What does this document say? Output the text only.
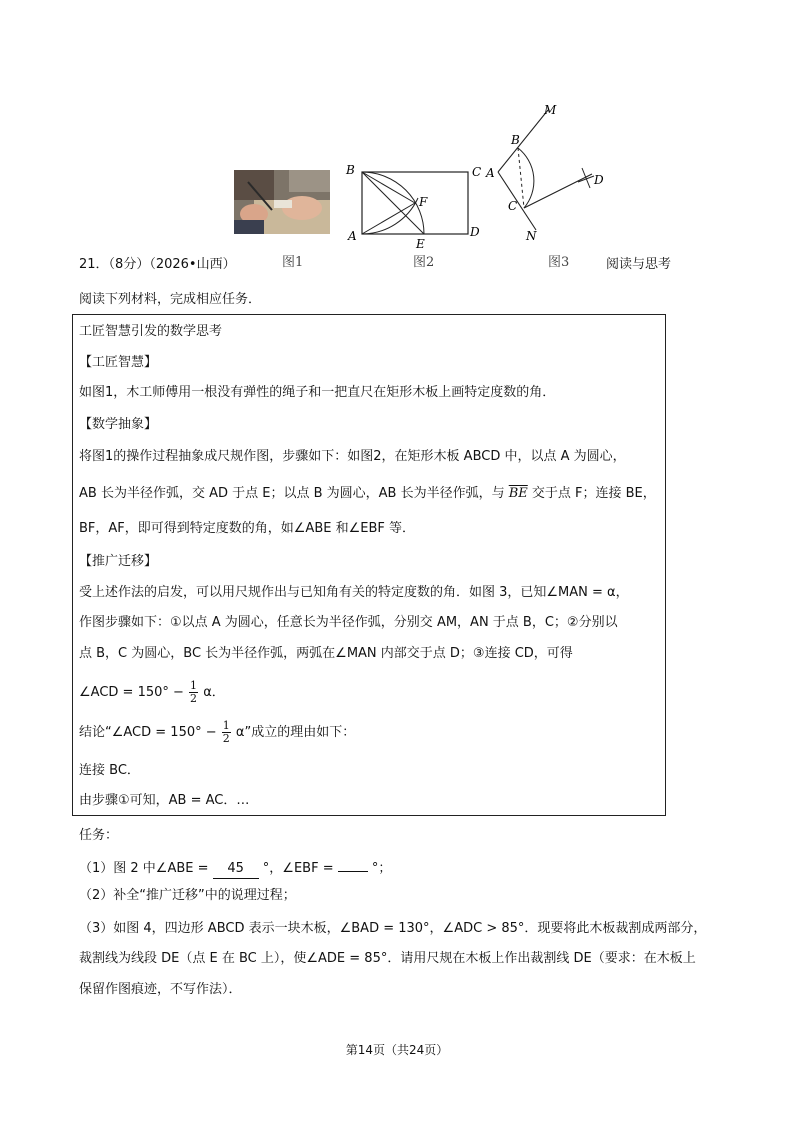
图1
B	C
A	D
E
F
图2
M
B
A
C
N
D
图3
21．（8分）（2026•山西）	阅读与思考
阅读下列材料，完成相应任务．
工匠智慧引发的数学思考
【工匠智慧】
如图1，木工师傅用一根没有弹性的绳子和一把直尺在矩形木板上画特定度数的角．
【数学抽象】
将图1的操作过程抽象成尺规作图，步骤如下：如图2，在矩形木板 ABCD 中，以点 A 为圆心，
AB 长为半径作弧，交 AD 于点 E；以点 B 为圆心，AB 长为半径作弧，与 $\overline{BE}$ 交于点 F；连接 BE，
BF，AF，即可得到特定度数的角，如∠ABE 和∠EBF 等．
【推广迁移】
受上述作法的启发，可以用尺规作出与已知角有关的特定度数的角．如图 3，已知∠MAN = α，
作图步骤如下：①以点 A 为圆心，任意长为半径作弧，分别交 AM，AN 于点 B，C；②分别以
点 B，C 为圆心，BC 长为半径作弧，两弧在∠MAN 内部交于点 D；③连接 CD，可得
∠ACD = $150^\circ - \frac{1}{2}$ α．
结论“∠ACD = $150^\circ - \frac{1}{2} \alpha$”成立的理由如下：
连接 BC．
由步骤①可知，AB = AC．…
任务：
（1）图 2 中∠ABE = 45 °，∠EBF =	°；
（2）补全“推广迁移”中的说理过程；
（3）如图 4，四边形 ABCD 表示一块木板，∠BAD = 130°，∠ADC > 85°．现要将此木板裁割成两部分，
裁割线为线段 DE（点 E 在 BC 上），使∠ADE = 85°．请用尺规在木板上作出裁割线 DE（要求：在木板上
保留作图痕迹，不写作法）．
第14页（共24页）
